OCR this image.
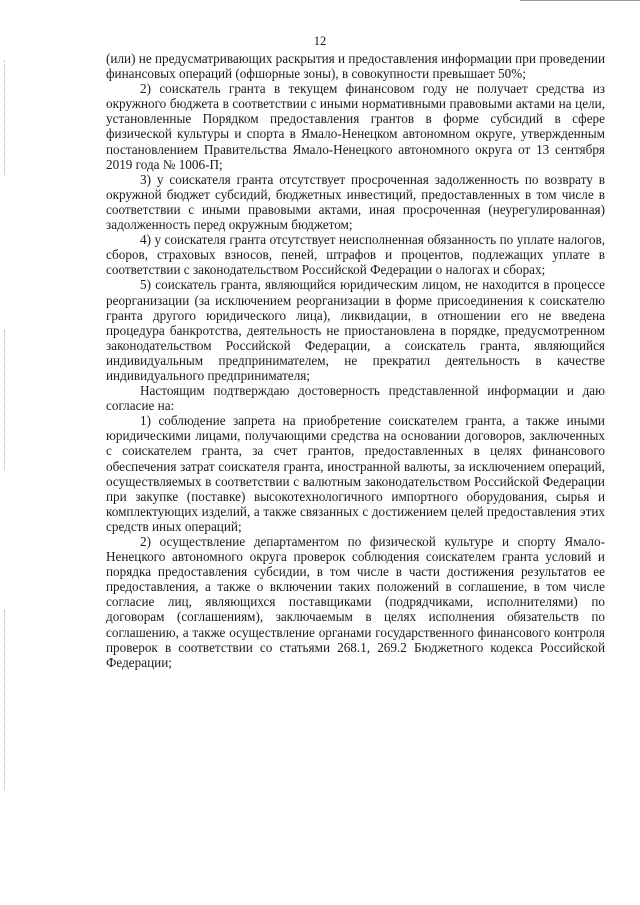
12

(или) не предусматривающих раскрытия и предоставления информации при проведении финансовых операций (офшорные зоны), в совокупности превышает 50%;

2) соискатель гранта в текущем финансовом году не получает средства из окружного бюджета в соответствии с иными нормативными правовыми актами на цели, установленные Порядком предоставления грантов в форме субсидий в сфере физической культуры и спорта в Ямало-Ненецком автономном округе, утвержденным постановлением Правительства Ямало-Ненецкого автономного округа от 13 сентября 2019 года № 1006-П;

3) у соискателя гранта отсутствует просроченная задолженность по возврату в окружной бюджет субсидий, бюджетных инвестиций, предоставленных в том числе в соответствии с иными правовыми актами, иная просроченная (неурегулированная) задолженность перед окружным бюджетом;

4) у соискателя гранта отсутствует неисполненная обязанность по уплате налогов, сборов, страховых взносов, пеней, штрафов и процентов, подлежащих уплате в соответствии с законодательством Российской Федерации о налогах и сборах;

5) соискатель гранта, являющийся юридическим лицом, не находится в процессе реорганизации (за исключением реорганизации в форме присоединения к соискателю гранта другого юридического лица), ликвидации, в отношении его не введена процедура банкротства, деятельность не приостановлена в порядке, предусмотренном законодательством Российской Федерации, а соискатель гранта, являющийся индивидуальным предпринимателем, не прекратил деятельность в качестве индивидуального предпринимателя;

Настоящим подтверждаю достоверность представленной информации и даю согласие на:

1) соблюдение запрета на приобретение соискателем гранта, а также иными юридическими лицами, получающими средства на основании договоров, заключенных с соискателем гранта, за счет грантов, предоставленных в целях финансового обеспечения затрат соискателя гранта, иностранной валюты, за исключением операций, осуществляемых в соответствии с валютным законодательством Российской Федерации при закупке (поставке) высокотехнологичного импортного оборудования, сырья и комплектующих изделий, а также связанных с достижением целей предоставления этих средств иных операций;

2) осуществление департаментом по физической культуре и спорту Ямало-Ненецкого автономного округа проверок соблюдения соискателем гранта условий и порядка предоставления субсидии, в том числе в части достижения результатов ее предоставления, а также о включении таких положений в соглашение, в том числе согласие лиц, являющихся поставщиками (подрядчиками, исполнителями) по договорам (соглашениям), заключаемым в целях исполнения обязательств по соглашению, а также осуществление органами государственного финансового контроля проверок в соответствии со статьями 268.1, 269.2 Бюджетного кодекса Российской Федерации;
